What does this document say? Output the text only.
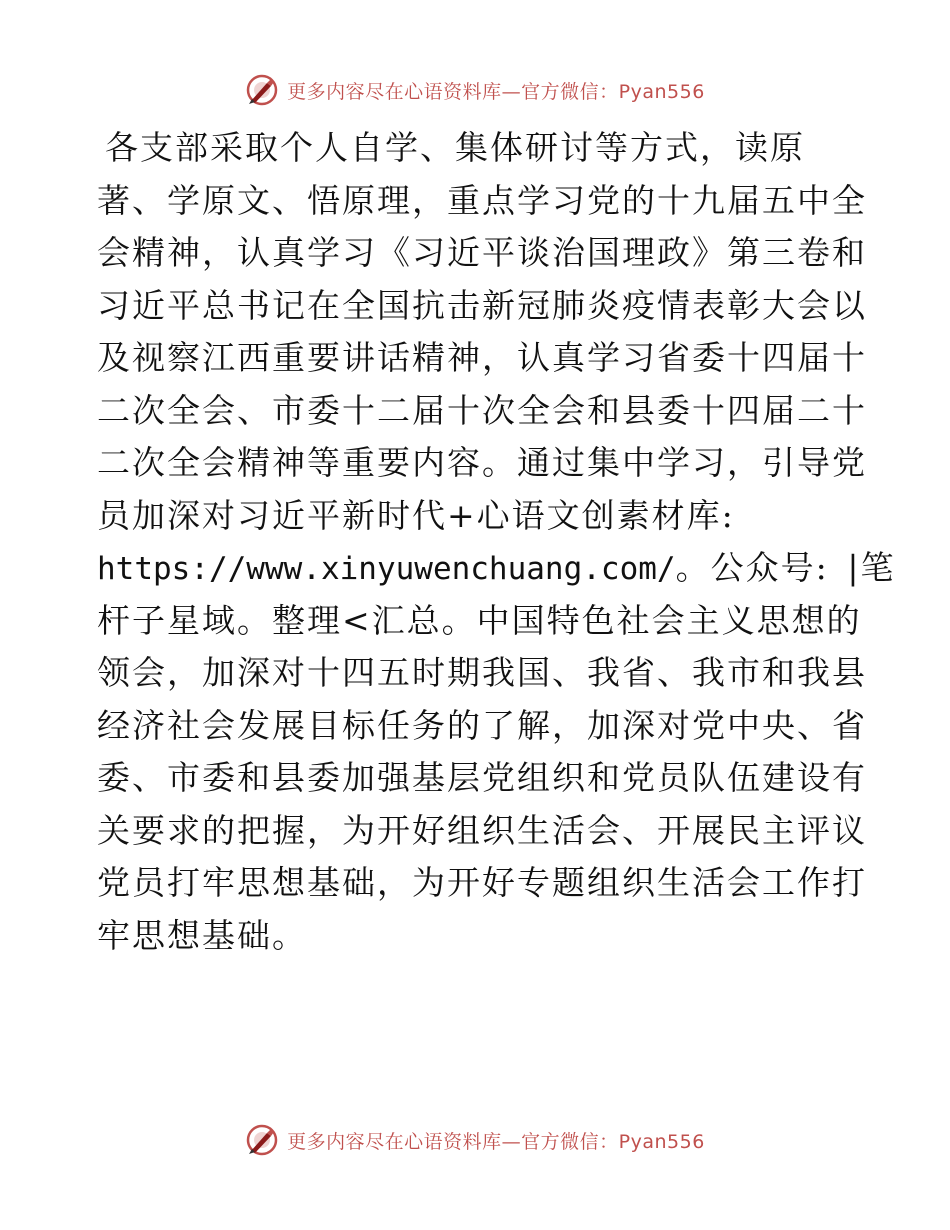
更多内容尽在心语资料库—官方微信：Pyan556
各支部采取个人自学、集体研讨等方式，读原
著、学原文、悟原理，重点学习党的十九届五中全
会精神，认真学习《习近平谈治国理政》第三卷和
习近平总书记在全国抗击新冠肺炎疫情表彰大会以
及视察江西重要讲话精神，认真学习省委十四届十
二次全会、市委十二届十次全会和县委十四届二十
二次全会精神等重要内容。通过集中学习，引导党
员加深对习近平新时代+心语文创素材库:
https://www.xinyuwenchuang.com/。公众号: |笔
杆子星域。整理<汇总。中国特色社会主义思想的
领会，加深对十四五时期我国、我省、我市和我县
经济社会发展目标任务的了解，加深对党中央、省
委、市委和县委加强基层党组织和党员队伍建设有
关要求的把握，为开好组织生活会、开展民主评议
党员打牢思想基础，为开好专题组织生活会工作打
牢思想基础。
更多内容尽在心语资料库—官方微信：Pyan556
